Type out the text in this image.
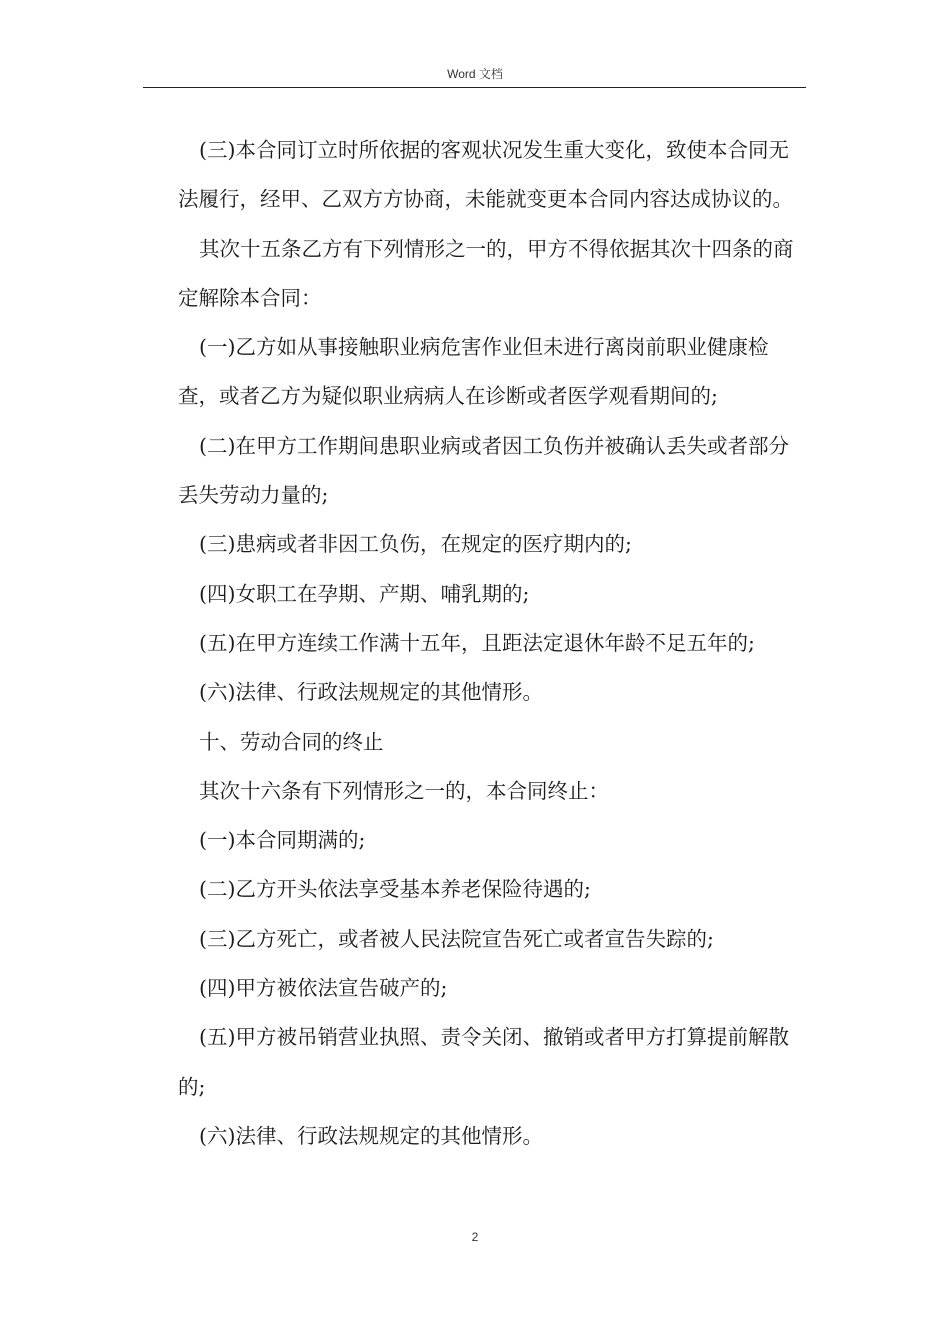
Word 文档

(三)本合同订立时所依据的客观状况发生重大变化，致使本合同无法履行，经甲、乙双方方协商，未能就变更本合同内容达成协议的。

其次十五条乙方有下列情形之一的，甲方不得依据其次十四条的商定解除本合同：

(一)乙方如从事接触职业病危害作业但未进行离岗前职业健康检查，或者乙方为疑似职业病病人在诊断或者医学观看期间的;

(二)在甲方工作期间患职业病或者因工负伤并被确认丢失或者部分丢失劳动力量的;

(三)患病或者非因工负伤，在规定的医疗期内的;

(四)女职工在孕期、产期、哺乳期的;

(五)在甲方连续工作满十五年，且距法定退休年龄不足五年的;

(六)法律、行政法规规定的其他情形。

十、劳动合同的终止

其次十六条有下列情形之一的，本合同终止：

(一)本合同期满的;

(二)乙方开头依法享受基本养老保险待遇的;

(三)乙方死亡，或者被人民法院宣告死亡或者宣告失踪的;

(四)甲方被依法宣告破产的;

(五)甲方被吊销营业执照、责令关闭、撤销或者甲方打算提前解散的;

(六)法律、行政法规规定的其他情形。

2
